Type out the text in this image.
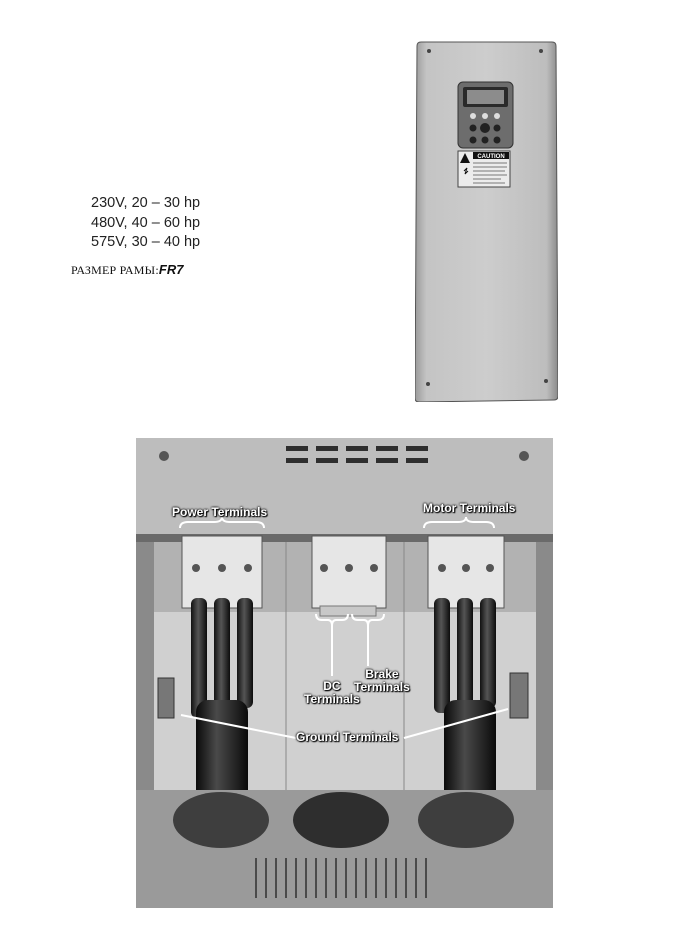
230V, 20 – 30 hp
480V, 40 – 60 hp
575V, 30 – 40 hp
РАЗМЕР РАМЫ:FR7
CAUTION
Power Terminals	Motor Terminals
DC
Terminals
Brake
Terminals
Ground Terminals
